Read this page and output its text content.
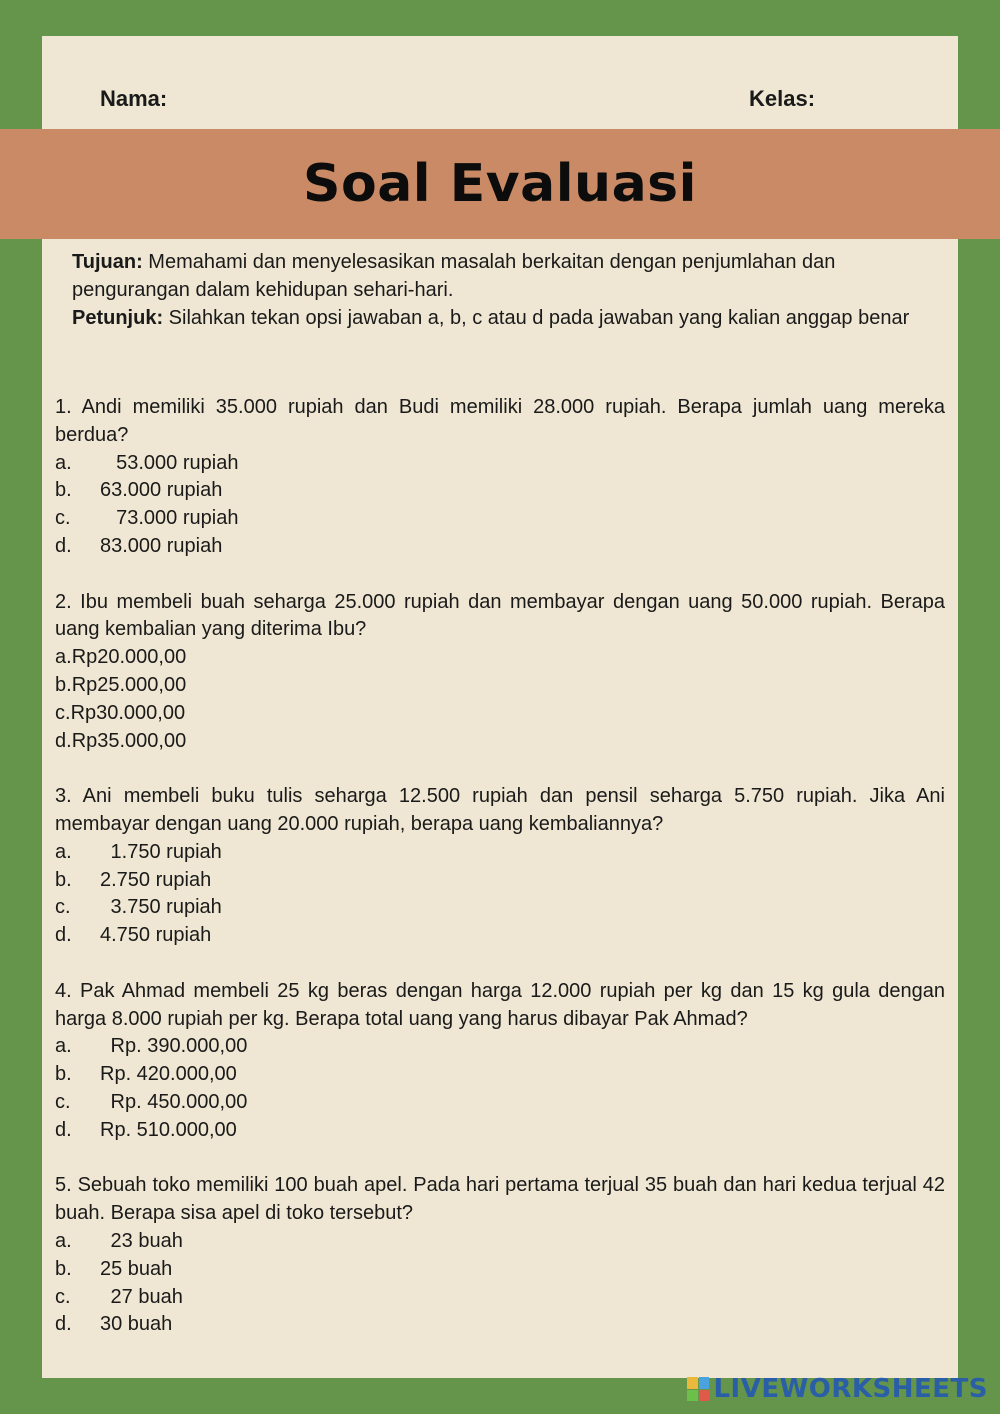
Nama:	Kelas:
Soal Evaluasi
Tujuan: Memahami dan menyelesasikan masalah berkaitan dengan penjumlahan dan pengurangan dalam kehidupan sehari-hari.
Petunjuk: Silahkan tekan opsi jawaban a, b, c atau d pada jawaban yang kalian anggap benar
1. Andi memiliki 35.000 rupiah dan Budi memiliki 28.000 rupiah. Berapa jumlah uang mereka berdua?
a.	53.000 rupiah
b.	63.000 rupiah
c.	73.000 rupiah
d.	83.000 rupiah
2. Ibu membeli buah seharga 25.000 rupiah dan membayar dengan uang 50.000 rupiah. Berapa uang kembalian yang diterima Ibu?
a. Rp20.000,00
b. Rp25.000,00
c. Rp30.000,00
d. Rp35.000,00
3. Ani membeli buku tulis seharga 12.500 rupiah dan pensil seharga 5.750 rupiah. Jika Ani membayar dengan uang 20.000 rupiah, berapa uang kembaliannya?
a.	1.750 rupiah
b.	2.750 rupiah
c.	3.750 rupiah
d.	4.750 rupiah
4. Pak Ahmad membeli 25 kg beras dengan harga 12.000 rupiah per kg dan 15 kg gula dengan harga 8.000 rupiah per kg. Berapa total uang yang harus dibayar Pak Ahmad?
a.	Rp. 390.000,00
b.	Rp. 420.000,00
c.	Rp. 450.000,00
d.	Rp. 510.000,00
5. Sebuah toko memiliki 100 buah apel. Pada hari pertama terjual 35 buah dan hari kedua terjual 42 buah. Berapa sisa apel di toko tersebut?
a.	23 buah
b.	25 buah
c.	27 buah
d.	30 buah
LIVEWORKSHEETS
